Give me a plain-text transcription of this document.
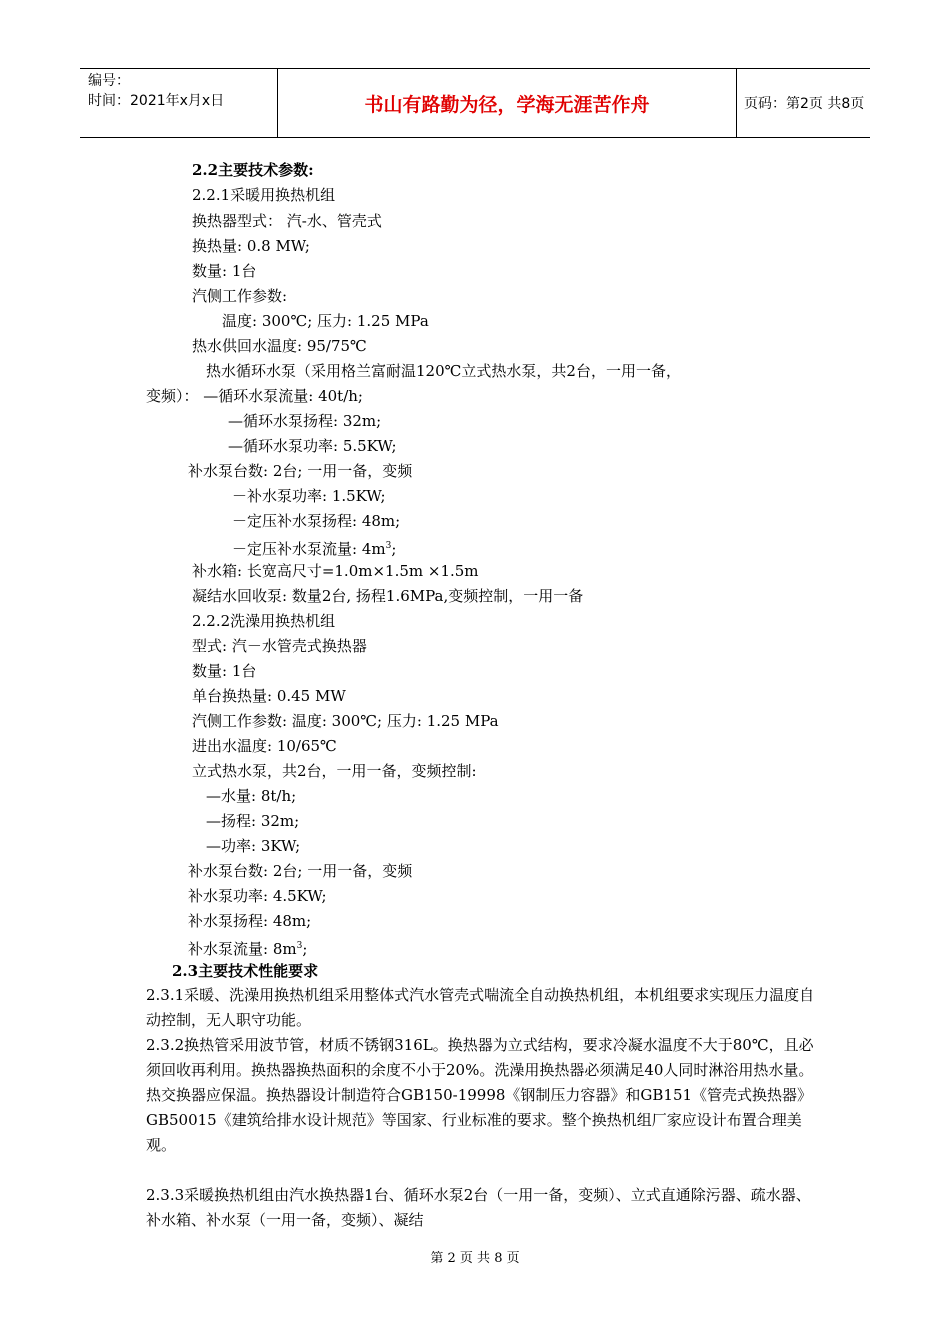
编号：
时间：2021年x月x日	书山有路勤为径，学海无涯苦作舟	页码：第2页 共8页
2.2主要技术参数:
2.2.1采暖用换热机组
换热器型式： 汽-水、管壳式
换热量: 0.8 MW;
数量: 1台
汽侧工作参数:
温度: 300℃; 压力: 1.25 MPa
热水供回水温度: 95/75℃
热水循环水泵（采用格兰富耐温120℃立式热水泵，共2台，一用一备，
变频）： —循环水泵流量: 40t/h;
—循环水泵扬程: 32m;
—循环水泵功率: 5.5KW;
补水泵台数: 2台; 一用一备，变频
－补水泵功率: 1.5KW;
－定压补水泵扬程: 48m;
－定压补水泵流量: $4m^3$;
补水箱: 长宽高尺寸=1.0m×1.5m ×1.5m
凝结水回收泵: 数量2台, 扬程1.6MPa,变频控制，一用一备
2.2.2洗澡用换热机组
型式: 汽－水管壳式换热器
数量: 1台
单台换热量: 0.45 MW
汽侧工作参数: 温度: 300℃; 压力: 1.25 MPa
进出水温度: 10/65℃
立式热水泵，共2台，一用一备，变频控制:
—水量: 8t/h;
—扬程: 32m;
—功率: 3KW;
补水泵台数: 2台; 一用一备，变频
补水泵功率: 4.5KW;
补水泵扬程: 48m;
补水泵流量: $8m^3$;
2.3主要技术性能要求
2.3.1采暖、洗澡用换热机组采用整体式汽水管壳式喘流全自动换热机组，本机组要求实现压力温度自动控制，无人职守功能。
2.3.2换热管采用波节管，材质不锈钢316L。换热器为立式结构，要求冷凝水温度不大于80℃，且必须回收再利用。换热器换热面积的余度不小于20%。洗澡用换热器必须满足40人同时淋浴用热水量。热交换器应保温。换热器设计制造符合GB150-19998《钢制压力容器》和GB151《管壳式换热器》GB50015《建筑给排水设计规范》等国家、行业标准的要求。整个换热机组厂家应设计布置合理美观。
2.3.3采暖换热机组由汽水换热器1台、循环水泵2台（一用一备，变频）、立式直通除污器、疏水器、补水箱、补水泵（一用一备，变频）、凝结
第 2 页 共 8 页
